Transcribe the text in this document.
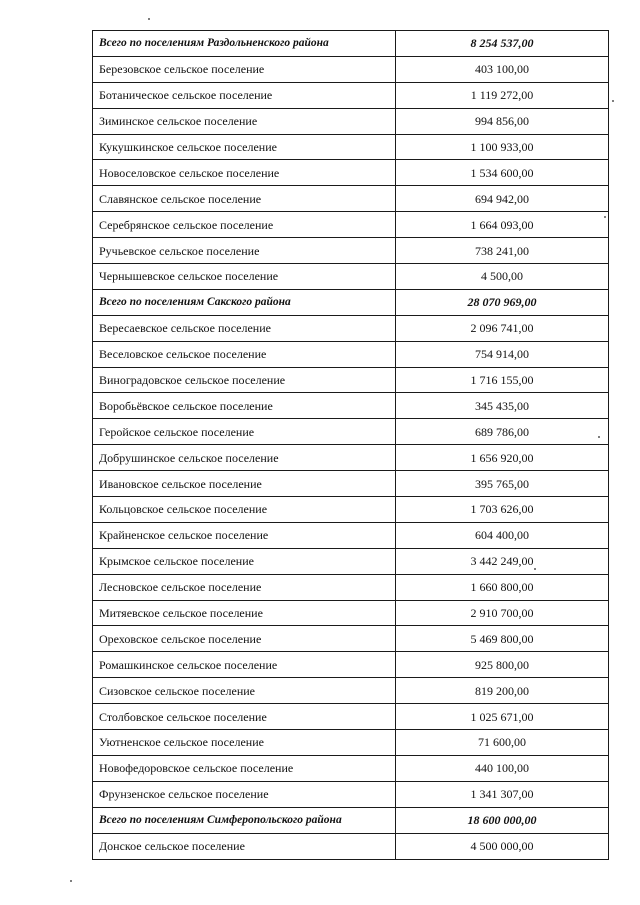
Всего по поселениям Раздольненского района	8 254 537,00
Березовское сельское поселение	403 100,00
Ботаническое сельское поселение	1 119 272,00
Зиминское сельское поселение	994 856,00
Кукушкинское сельское поселение	1 100 933,00
Новоселовское сельское поселение	1 534 600,00
Славянское сельское поселение	694 942,00
Серебрянское сельское поселение	1 664 093,00
Ручьевское сельское поселение	738 241,00
Чернышевское сельское поселение	4 500,00
Всего по поселениям Сакского района	28 070 969,00
Вересаевское сельское поселение	2 096 741,00
Веселовское сельское поселение	754 914,00
Виноградовское сельское поселение	1 716 155,00
Воробьёвское сельское поселение	345 435,00
Геройское сельское поселение	689 786,00
Добрушинское сельское поселение	1 656 920,00
Ивановское сельское поселение	395 765,00
Кольцовское сельское поселение	1 703 626,00
Крайненское сельское поселение	604 400,00
Крымское сельское поселение	3 442 249,00
Лесновское сельское поселение	1 660 800,00
Митяевское сельское поселение	2 910 700,00
Ореховское сельское поселение	5 469 800,00
Ромашкинское сельское поселение	925 800,00
Сизовское сельское поселение	819 200,00
Столбовское сельское поселение	1 025 671,00
Уютненское сельское поселение	71 600,00
Новофедоровское сельское поселение	440 100,00
Фрунзенское сельское поселение	1 341 307,00
Всего по поселениям Симферопольского района	18 600 000,00
Донское сельское поселение	4 500 000,00
